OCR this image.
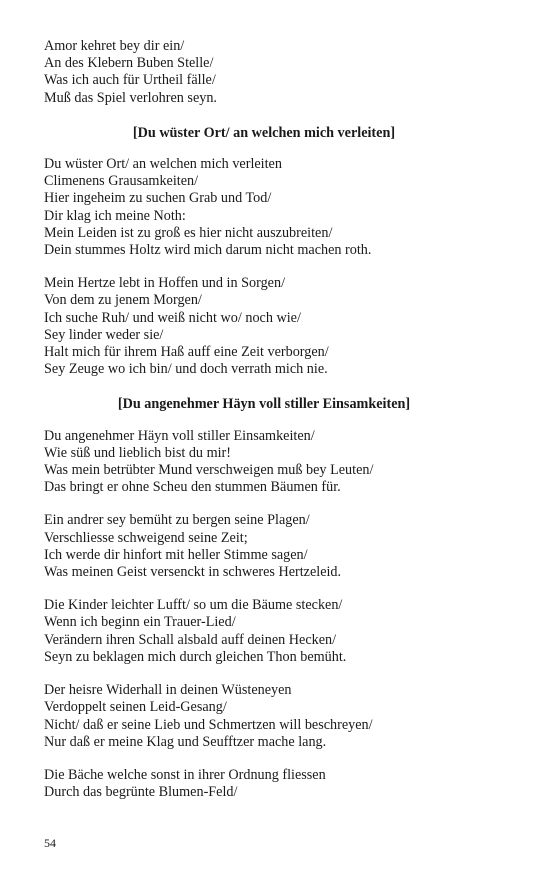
Amor kehret bey dir ein/
An des Klebern Buben Stelle/
Was ich auch für Urtheil fälle/
Muß das Spiel verlohren seyn.
[Du wüster Ort/ an welchen mich verleiten]
Du wüster Ort/ an welchen mich verleiten
Climenens Grausamkeiten/
Hier ingeheim zu suchen Grab und Tod/
Dir klag ich meine Noth:
Mein Leiden ist zu groß es hier nicht auszubreiten/
Dein stummes Holtz wird mich darum nicht machen roth.
Mein Hertze lebt in Hoffen und in Sorgen/
Von dem zu jenem Morgen/
Ich suche Ruh/ und weiß nicht wo/ noch wie/
Sey linder weder sie/
Halt mich für ihrem Haß auff eine Zeit verborgen/
Sey Zeuge wo ich bin/ und doch verrath mich nie.
[Du angenehmer Häyn voll stiller Einsamkeiten]
Du angenehmer Häyn voll stiller Einsamkeiten/
Wie süß und lieblich bist du mir!
Was mein betrübter Mund verschweigen muß bey Leuten/
Das bringt er ohne Scheu den stummen Bäumen für.
Ein andrer sey bemüht zu bergen seine Plagen/
Verschliesse schweigend seine Zeit;
Ich werde dir hinfort mit heller Stimme sagen/
Was meinen Geist versenckt in schweres Hertzeleid.
Die Kinder leichter Lufft/ so um die Bäume stecken/
Wenn ich beginn ein Trauer-Lied/
Verändern ihren Schall alsbald auff deinen Hecken/
Seyn zu beklagen mich durch gleichen Thon bemüht.
Der heisre Widerhall in deinen Wüsteneyen
Verdoppelt seinen Leid-Gesang/
Nicht/ daß er seine Lieb und Schmertzen will beschreyen/
Nur daß er meine Klag und Seufftzer mache lang.
Die Bäche welche sonst in ihrer Ordnung fliessen
Durch das begrünte Blumen-Feld/
54
